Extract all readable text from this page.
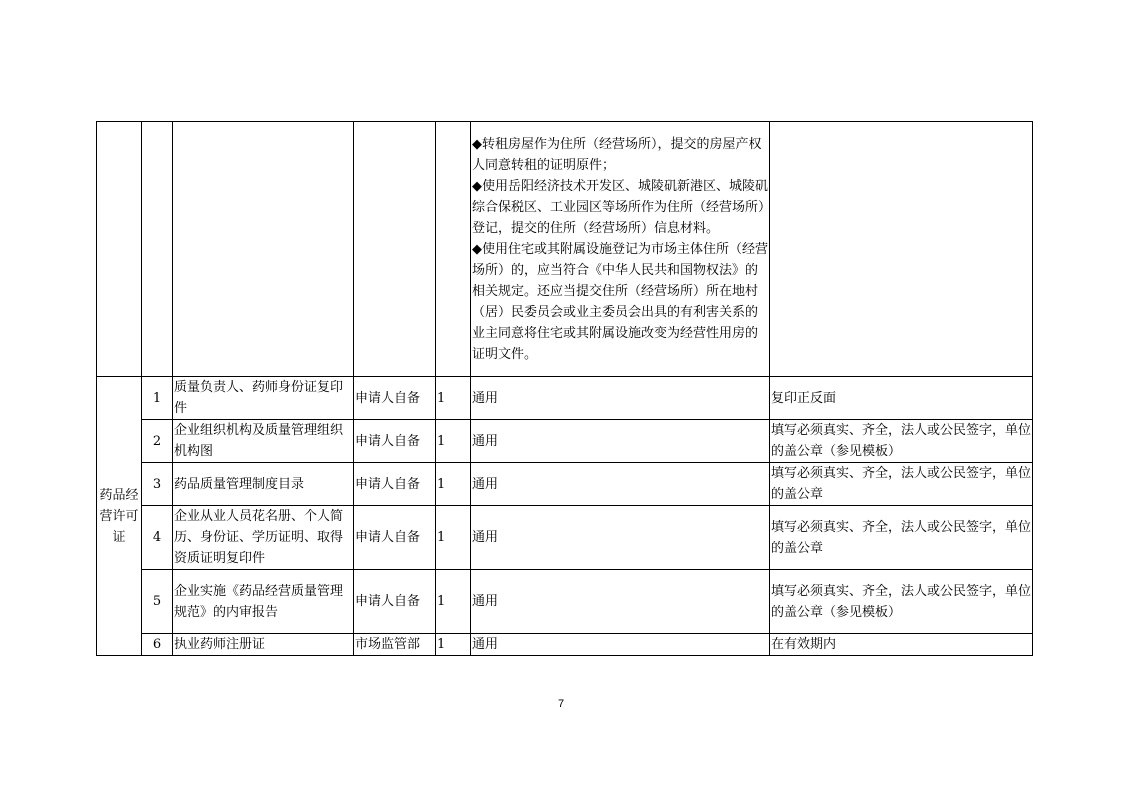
					◆转租房屋作为住所（经营场所），提交的房屋产权人同意转租的证明原件；
◆使用岳阳经济技术开发区、城陵矶新港区、城陵矶综合保税区、工业园区等场所作为住所（经营场所）登记，提交的住所（经营场所）信息材料。
◆使用住宅或其附属设施登记为市场主体住所（经营场所）的，应当符合《中华人民共和国物权法》的相关规定。还应当提交住所（经营场所）所在地村（居）民委员会或业主委员会出具的有利害关系的业主同意将住宅或其附属设施改变为经营性用房的证明文件。	

药品经营许可证	1	质量负责人、药师身份证复印件	申请人自备	1	通用	复印正反面
	2	企业组织机构及质量管理组织机构图	申请人自备	1	通用	填写必须真实、齐全，法人或公民签字，单位的盖公章（参见模板）
	3	药品质量管理制度目录	申请人自备	1	通用	填写必须真实、齐全，法人或公民签字，单位的盖公章
	4	企业从业人员花名册、个人简历、身份证、学历证明、取得资质证明复印件	申请人自备	1	通用	填写必须真实、齐全，法人或公民签字，单位的盖公章
	5	企业实施《药品经营质量管理规范》的内审报告	申请人自备	1	通用	填写必须真实、齐全，法人或公民签字，单位的盖公章（参见模板）
	6	执业药师注册证	市场监管部	1	通用	在有效期内
7
